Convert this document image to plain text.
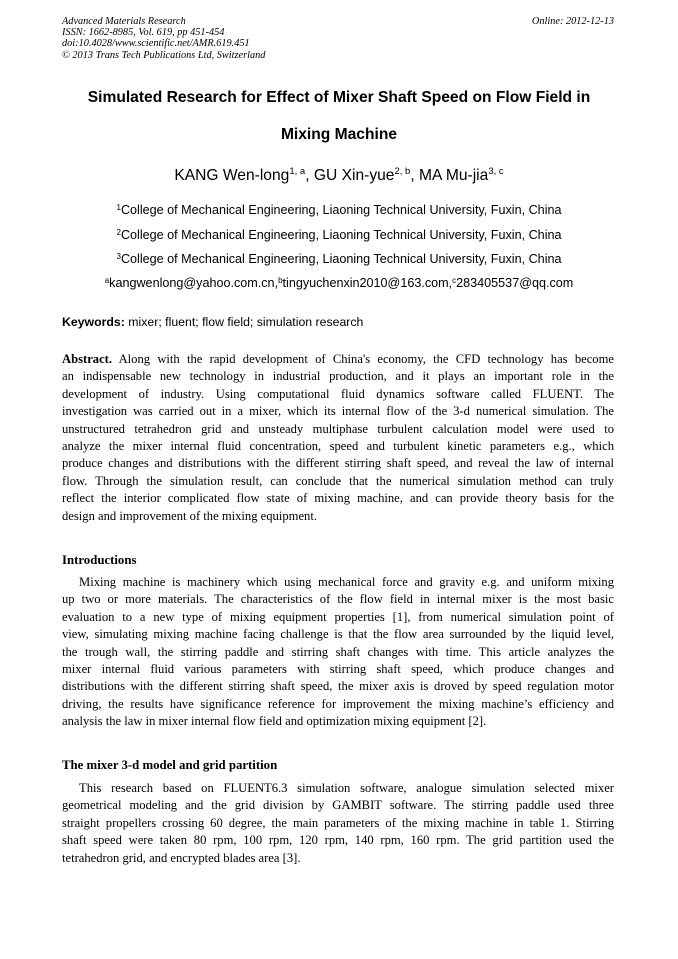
Advanced Materials Research
ISSN: 1662-8985, Vol. 619, pp 451-454
doi:10.4028/www.scientific.net/AMR.619.451
© 2013 Trans Tech Publications Ltd, Switzerland
Online: 2012-12-13
Simulated Research for Effect of Mixer Shaft Speed on Flow Field in
Mixing Machine
KANG Wen-long$^{1, a}$, GU Xin-yue$^{2, b}$, MA Mu-jia$^{3, c}$
$^1$College of Mechanical Engineering, Liaoning Technical University, Fuxin, China
$^2$College of Mechanical Engineering, Liaoning Technical University, Fuxin, China
$^3$College of Mechanical Engineering, Liaoning Technical University, Fuxin, China
$^a$kangwenlong@yahoo.com.cn,$^b$tingyuchenxin2010@163.com,$^c$283405537@qq.com
Keywords: mixer; fluent; flow field; simulation research
Abstract. Along with the rapid development of China's economy, the CFD technology has become
an indispensable new technology in industrial production, and it plays an important role in the
development of industry. Using computational fluid dynamics software called FLUENT. The
investigation was carried out in a mixer, which its internal flow of the 3-d numerical simulation. The
unstructured tetrahedron grid and unsteady multiphase turbulent calculation model were used to
analyze the mixer internal fluid concentration, speed and turbulent kinetic parameters e.g., which
produce changes and distributions with the different stirring shaft speed, and reveal the law of internal
flow. Through the simulation result, can conclude that the numerical simulation method can truly
reflect the interior complicated flow state of mixing machine, and can provide theory basis for the
design and improvement of the mixing equipment.
Introductions
Mixing machine is machinery which using mechanical force and gravity e.g. and uniform mixing
up two or more materials. The characteristics of the flow field in internal mixer is the most basic
evaluation to a new type of mixing equipment properties [1], from numerical simulation point of
view, simulating mixing machine facing challenge is that the flow area surrounded by the liquid level,
the trough wall, the stirring paddle and stirring shaft changes with time. This article analyzes the
mixer internal fluid various parameters with stirring shaft speed, which produce changes and
distributions with the different stirring shaft speed, the mixer axis is droved by speed regulation motor
driving, the results have significance reference for improvement the mixing machine’s efficiency and
analysis the law in mixer internal flow field and optimization mixing equipment [2].
The mixer 3-d model and grid partition
This research based on FLUENT6.3 simulation software, analogue simulation selected mixer
geometrical modeling and the grid division by GAMBIT software. The stirring paddle used three
straight propellers crossing 60 degree, the main parameters of the mixing machine in table 1. Stirring
shaft speed were taken 80 rpm, 100 rpm, 120 rpm, 140 rpm, 160 rpm. The grid partition used the
tetrahedron grid, and encrypted blades area [3].
